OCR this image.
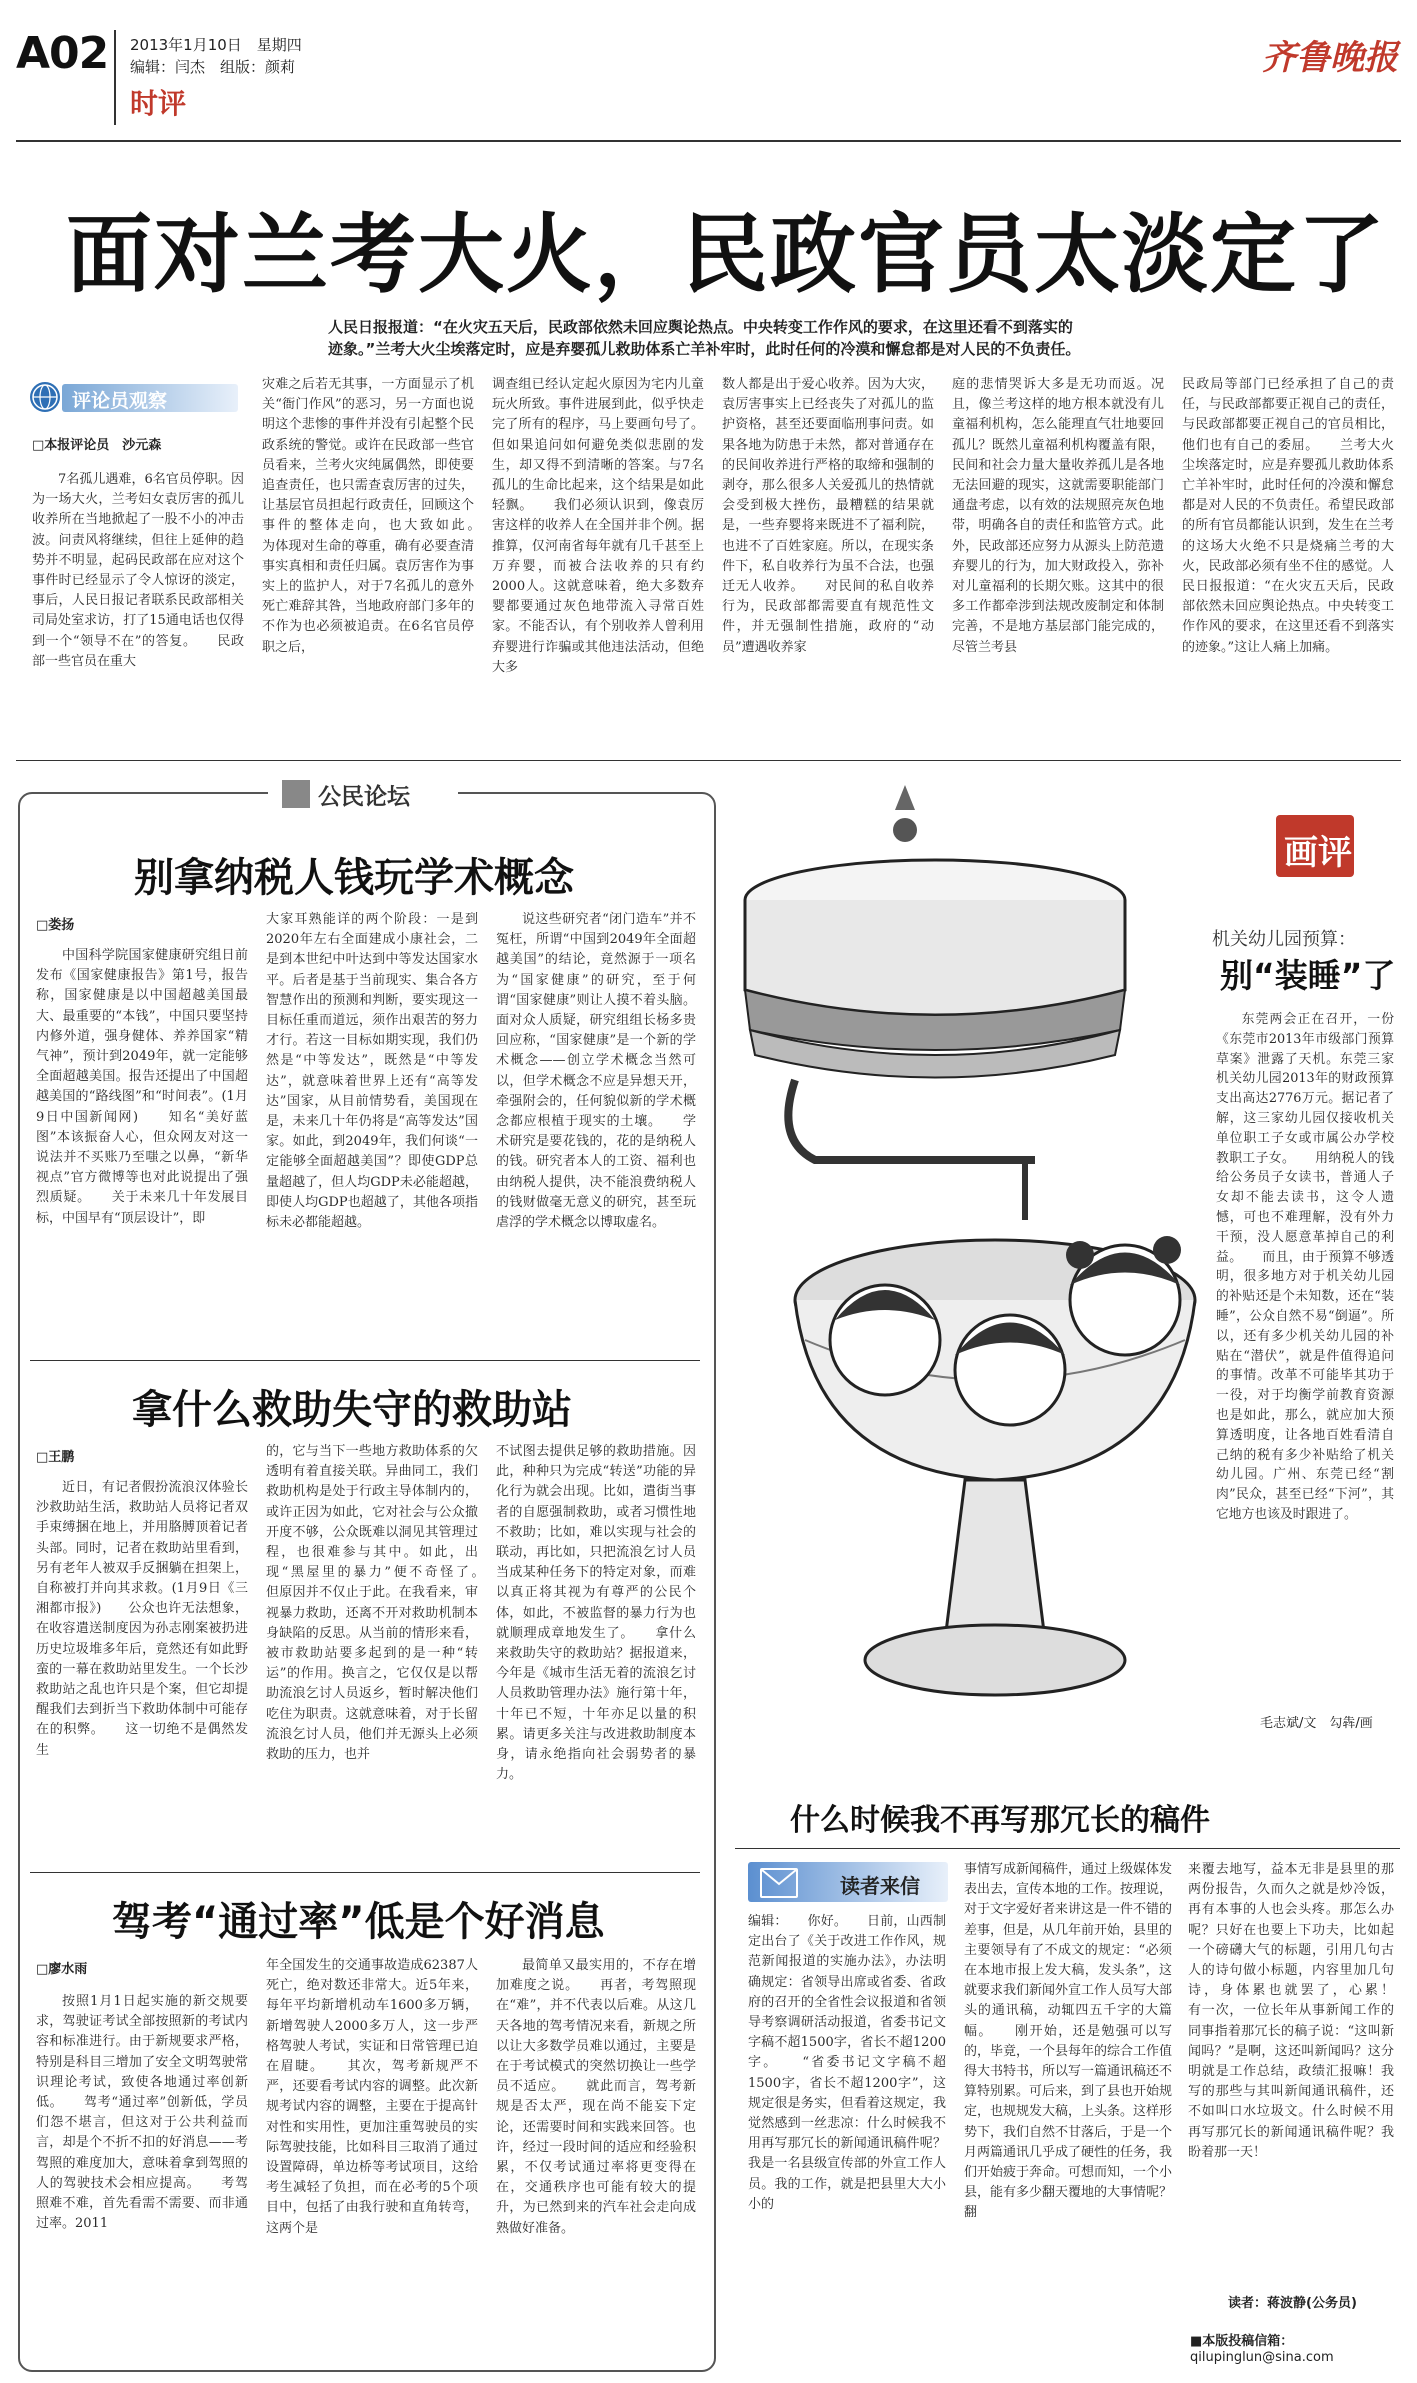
A02 2013年1月10日　星期四
编辑：闫杰　组版：颜莉
时评
齐鲁晚报
面对兰考大火，民政官员太淡定了
人民日报报道：“在火灾五天后，民政部依然未回应舆论热点。中央转变工作作风的要求，在这里还看不到落实的
迹象。”兰考大火尘埃落定时，应是弃婴孤儿救助体系亡羊补牢时，此时任何的冷漠和懈怠都是对人民的不负责任。
评论员观察
□本报评论员　沙元森

7名孤儿遇难，6名官员停职。因为一场大火，兰考妇女袁厉害的孤儿收养所在当地掀起了一股不小的冲击波。问责风将继续，但往上延伸的趋势并不明显，起码民政部在应对这个事件时已经显示了令人惊讶的淡定，事后，人民日报记者联系民政部相关司局处室求访，打了15通电话也仅得到一个“领导不在”的答复。　　民政部一些官员在重大

灾难之后若无其事，一方面显示了机关“衙门作风”的恶习，另一方面也说明这个悲惨的事件并没有引起整个民政系统的警觉。或许在民政部一些官员看来，兰考火灾纯属偶然，即使要追查责任，也只需查袁厉害的过失，让基层官员担起行政责任，回顾这个事件的整体走向，也大致如此。　　为体现对生命的尊重，确有必要查清事实真相和责任归属。袁厉害作为事实上的监护人，对于7名孤儿的意外死亡难辞其咎，当地政府部门多年的不作为也必须被追责。在6名官员停职之后，

调查组已经认定起火原因为宅内儿童玩火所致。事件进展到此，似乎快走完了所有的程序，马上要画句号了。但如果追问如何避免类似悲剧的发生，却又得不到清晰的答案。与7名孤儿的生命比起来，这个结果是如此轻飘。　　我们必须认识到，像袁厉害这样的收养人在全国并非个例。据推算，仅河南省每年就有几千甚至上万弃婴，而被合法收养的只有约2000人。这就意味着，绝大多数弃婴都要通过灰色地带流入寻常百姓家。不能否认，有个别收养人曾利用弃婴进行诈骗或其他违法活动，但绝大多

数人都是出于爱心收养。因为大灾，袁厉害事实上已经丧失了对孤儿的监护资格，甚至还要面临刑事问责。如果各地为防患于未然，都对普通存在的民间收养进行严格的取缔和强制的剥夺，那么很多人关爱孤儿的热情就会受到极大挫伤，最糟糕的结果就是，一些弃婴将来既进不了福利院，也进不了百姓家庭。所以，在现实条件下，私自收养行为虽不合法，也强迁无人收养。　　对民间的私自收养行为，民政部都需要直有规范性文件，并无强制性措施，政府的“动员”遭遇收养家

庭的悲情哭诉大多是无功而返。况且，像兰考这样的地方根本就没有儿童福利机构，怎么能理直气壮地要回孤儿？既然儿童福利机构覆盖有限，民间和社会力量大量收养孤儿是各地无法回避的现实，这就需要职能部门通盘考虑，以有效的法规照亮灰色地带，明确各自的责任和监管方式。此外，民政部还应努力从源头上防范遗弃婴儿的行为，加大财政投入，弥补对儿童福利的长期欠账。这其中的很多工作都牵涉到法规改废制定和体制完善，不是地方基层部门能完成的，尽管兰考县

民政局等部门已经承担了自己的责任，与民政部都要正视自己的责任，与民政部都要正视自己的官员相比，他们也有自己的委屈。　　兰考大火尘埃落定时，应是弃婴孤儿救助体系亡羊补牢时，此时任何的冷漠和懈怠都是对人民的不负责任。希望民政部的所有官员都能认识到，发生在兰考的这场大火绝不只是烧痛兰考的大火，民政部必须有坐不住的感觉。人民日报报道：“在火灾五天后，民政部依然未回应舆论热点。中央转变工作作风的要求，在这里还看不到落实的迹象。”这让人痛上加痛。

公民论坛
别拿纳税人钱玩学术概念
□娄扬

中国科学院国家健康研究组日前发布《国家健康报告》第1号，报告称，国家健康是以中国超越美国最大、最重要的“本钱”，中国只要坚持内修外道，强身健体、养养国家“精气神”，预计到2049年，就一定能够全面超越美国。报告还提出了中国超越美国的“路线图”和“时间表”。(1月9日中国新闻网)　　知名“美好蓝图”本该振奋人心，但众网友对这一说法并不买账乃至嗤之以鼻，“新华视点”官方微博等也对此说提出了强烈质疑。　　关于未来几十年发展目标，中国早有“顶层设计”，即

大家耳熟能详的两个阶段：一是到2020年左右全面建成小康社会，二是到本世纪中叶达到中等发达国家水平。后者是基于当前现实、集合各方智慧作出的预测和判断，要实现这一目标任重而道远，须作出艰苦的努力才行。若这一目标如期实现，我们仍然是“中等发达”，既然是“中等发达”，就意味着世界上还有“高等发达”国家，从目前情势看，美国现在是，未来几十年仍将是“高等发达”国家。如此，到2049年，我们何谈“一定能够全面超越美国”？即使GDP总量超越了，但人均GDP未必能超越，即使人均GDP也超越了，其他各项指标未必都能超越。

说这些研究者“闭门造车”并不冤枉，所谓“中国到2049年全面超越美国”的结论，竟然源于一项名为“国家健康”的研究，至于何谓“国家健康”则让人摸不着头脑。面对众人质疑，研究组组长杨多贵回应称，“国家健康”是一个新的学术概念——创立学术概念当然可以，但学术概念不应是异想天开，牵强附会的，任何貌似新的学术概念都应根植于现实的土壤。　　学术研究是要花钱的，花的是纳税人的钱。研究者本人的工资、福利也由纳税人提供，决不能浪费纳税人的钱财做毫无意义的研究，甚至玩虐浮的学术概念以博取虚名。

拿什么救助失守的救助站
□王鹏

近日，有记者假扮流浪汉体验长沙救助站生活，救助站人员将记者双手束缚捆在地上，并用胳膊顶着记者头部。同时，记者在救助站里看到，另有老年人被双手反捆躺在担架上，自称被打并向其求救。(1月9日《三湘都市报》)　　公众也许无法想象，在收容遣送制度因为孙志刚案被扔进历史垃圾堆多年后，竟然还有如此野蛮的一幕在救助站里发生。一个长沙救助站之乱也许只是个案，但它却提醒我们去到折当下救助体制中可能存在的积弊。　　这一切绝不是偶然发生

的，它与当下一些地方救助体系的欠透明有着直接关联。异曲同工，我们救助机构是处于行政主导体制内的，或许正因为如此，它对社会与公众撤开度不够，公众既难以洞见其管理过程，也很难参与其中。如此，出现“黑屋里的暴力”便不奇怪了。　　但原因并不仅止于此。在我看来，审视暴力救助，还离不开对救助机制本身缺陷的反思。从当前的情形来看，被市救助站要多起到的是一种“转运”的作用。换言之，它仅仅是以帮助流浪乞讨人员返乡，暂时解决他们吃住为职责。这就意味着，对于长留流浪乞讨人员，他们并无源头上必须救助的压力，也并

不试图去提供足够的救助措施。因此，种种只为完成“转送”功能的异化行为就会出现。比如，遣街当事者的自愿强制救助，或者习惯性地不救助；比如，难以实现与社会的联动，再比如，只把流浪乞讨人员当成某种任务下的特定对象，而难以真正将其视为有尊严的公民个体，如此，不被监督的暴力行为也就顺理成章地发生了。　　拿什么来救助失守的救助站？据报道来，今年是《城市生活无着的流浪乞讨人员救助管理办法》施行第十年，十年已不短，十年亦足以量的积累。请更多关注与改进救助制度本身，请永绝指向社会弱势者的暴力。

驾考“通过率”低是个好消息
□廖水雨

按照1月1日起实施的新交规要求，驾驶证考试全部按照新的考试内容和标准进行。由于新规要求严格，特别是科目三增加了安全文明驾驶常识理论考试，致使各地通过率创新低。　　驾考“通过率”创新低，学员们怨不堪言，但这对于公共利益而言，却是个不折不扣的好消息——考驾照的难度加大，意味着拿到驾照的人的驾驶技术会相应提高。　　考驾照难不难，首先看需不需要、而非通过率。2011

年全国发生的交通事故造成62387人死亡，绝对数还非常大。近5年来，每年平均新增机动车1600多万辆，新增驾驶人2000多万人，这一步严格驾驶人考试，实证和日常管理已迫在眉睫。　　其次，驾考新规严不严，还要看考试内容的调整。此次新规考试内容的调整，主要在于提高针对性和实用性，更加注重驾驶员的实际驾驶技能，比如科目三取消了通过设置障碍，单边桥等考试项目，这给考生减轻了负担，而在必考的5个项目中，包括了由我行驶和直角转弯，这两个是

最简单又最实用的，不存在增加难度之说。　　再者，考驾照现在“难”，并不代表以后难。从这几天各地的驾考情况来看，新规之所以让大多数学员难以通过，主要是在于考试模式的突然切换让一些学员不适应。　　就此而言，驾考新规是否太严，现在尚不能妄下定论，还需要时间和实践来回答。也许，经过一段时间的适应和经验积累，不仅考试通过率将更变得在在，交通秩序也可能有较大的提升，为已然到来的汽车社会走向成熟做好准备。

画评
机关幼儿园预算：
别“装睡”了

东莞两会正在召开，一份《东莞市2013年市级部门预算草案》泄露了天机。东莞三家机关幼儿园2013年的财政预算支出高达2776万元。据记者了解，这三家幼儿园仅接收机关单位职工子女或市属公办学校教职工子女。　　用纳税人的钱给公务员子女读书，普通人子女却不能去读书，这令人遗憾，可也不难理解，没有外力干预，没人愿意革掉自己的利益。　　而且，由于预算不够透明，很多地方对于机关幼儿园的补贴还是个未知数，还在“装睡”，公众自然不易“倒逼”。所以，还有多少机关幼儿园的补贴在“潜伏”，就是件值得追问的事情。改革不可能毕其功于一役，对于均衡学前教育资源也是如此，那么，就应加大预算透明度，让各地百姓看清自己纳的税有多少补贴给了机关幼儿园。广州、东莞已经“割肉”民众，甚至已经“下河”，其它地方也该及时跟进了。

毛志斌/文　勾犇/画
什么时候我不再写那冗长的稿件
读者来信

编辑：　　你好。　　日前，山西制定出台了《关于改进工作作风，规范新闻报道的实施办法》，办法明确规定：省领导出席或省委、省政府的召开的全省性会议报道和省领导考察调研活动报道，省委书记文字稿不超1500字，省长不超1200字。　　“省委书记文字稿不超1500字，省长不超1200字”，这规定很是务实，但看着这规定，我觉然感到一丝悲凉：什么时候我不用再写那冗长的新闻通讯稿件呢？　　我是一名县级宣传部的外宣工作人员。我的工作，就是把县里大大小小的

事情写成新闻稿件，通过上级媒体发表出去，宣传本地的工作。按理说，对于文字爱好者来讲这是一件不错的差事，但是，从几年前开始，县里的主要领导有了不成文的规定：“必须在本地市报上发大稿，发头条”，这就要求我们新闻外宣工作人员写大部头的通讯稿，动辄四五千字的大篇幅。　　刚开始，还是勉强可以写的，毕竟，一个县每年的综合工作值得大书特书，所以写一篇通讯稿还不算特别累。可后来，到了县也开始规定，也规规发大稿，上头条。这样形势下，我们自然不甘落后，于是一个月两篇通讯几乎成了硬性的任务，我们开始疲于奔命。可想而知，一个小县，能有多少翻天覆地的大事情呢？翻

来覆去地写，益本无非是县里的那两份报告，久而久之就是炒冷饭，再有本事的人也会头疼。那怎么办呢？只好在也要上下功夫，比如起一个磅礴大气的标题，引用几句古人的诗句做小标题，内容里加几句诗，身体累也就罢了，心累！　　有一次，一位长年从事新闻工作的同事指着那冗长的稿子说：“这叫新闻吗？”是啊，这还叫新闻吗？这分明就是工作总结，政绩汇报嘛！我写的那些与其叫新闻通讯稿件，还不如叫口水垃圾文。什么时候不用再写那冗长的新闻通讯稿件呢？我盼着那一天！

读者：蒋波静(公务员)
■本版投稿信箱：
qilupinglun@sina.com
